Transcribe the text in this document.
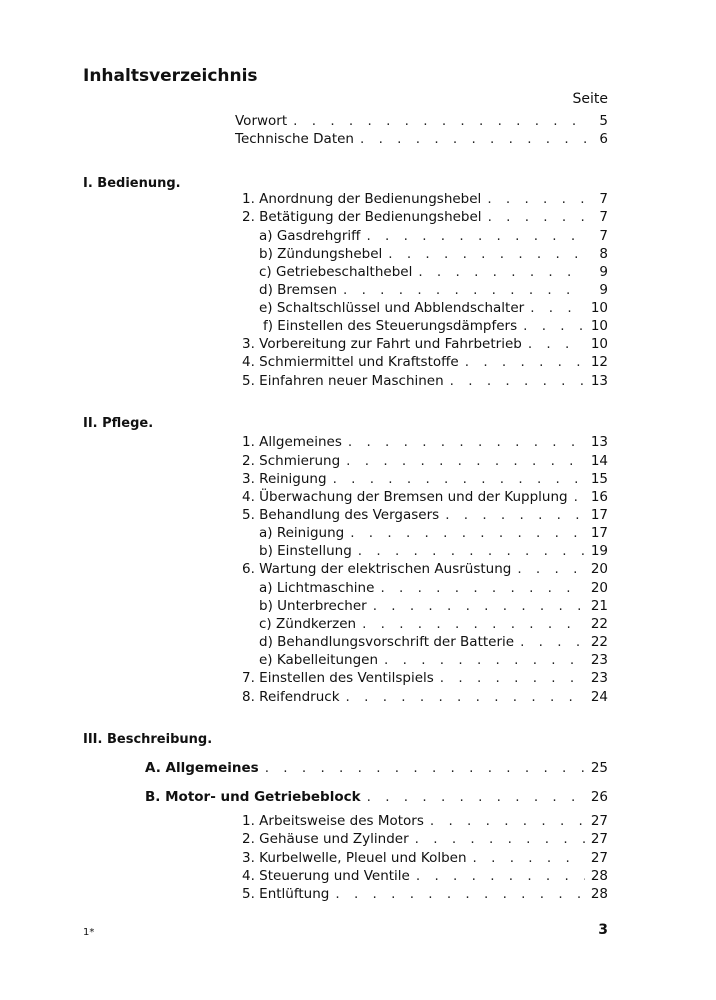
Inhaltsverzeichnis
Seite
Vorwort . . .	5
Technische Daten . . .	6
I. Bedienung.
1. Anordnung der Bedienungshebel . . .	7
2. Betätigung der Bedienungshebel . . .	7
a) Gasdrehgriff . . .	7
b) Zündungshebel . . .	8
c) Getriebeschalthebel . . .	9
d) Bremsen . . .	9
e) Schaltschlüssel und Abblendschalter . . .	10
f) Einstellen des Steuerungsdämpfers . . .	10
3. Vorbereitung zur Fahrt und Fahrbetrieb . . .	10
4. Schmiermittel und Kraftstoffe . . .	12
5. Einfahren neuer Maschinen . . .	13
II. Pflege.
1. Allgemeines . . .	13
2. Schmierung . . .	14
3. Reinigung . . .	15
4. Überwachung der Bremsen und der Kupplung . . . 16
5. Behandlung des Vergasers . . .	17
a) Reinigung . . .	17
b) Einstellung . . .	19
6. Wartung der elektrischen Ausrüstung . . .	20
a) Lichtmaschine . . .	20
b) Unterbrecher . . .	21
c) Zündkerzen . . .	22
d) Behandlungsvorschrift der Batterie . . .	22
e) Kabelleitungen . . .	23
7. Einstellen des Ventilspiels . . .	23
8. Reifendruck . . .	24
III. Beschreibung.
A. Allgemeines . . .	25
B. Motor- und Getriebeblock . . .	26
1. Arbeitsweise des Motors . . .	27
2. Gehäuse und Zylinder . . .	27
3. Kurbelwelle, Pleuel und Kolben . . .	27
4. Steuerung und Ventile . . .	28
5. Entlüftung . . .	28
1*	3
